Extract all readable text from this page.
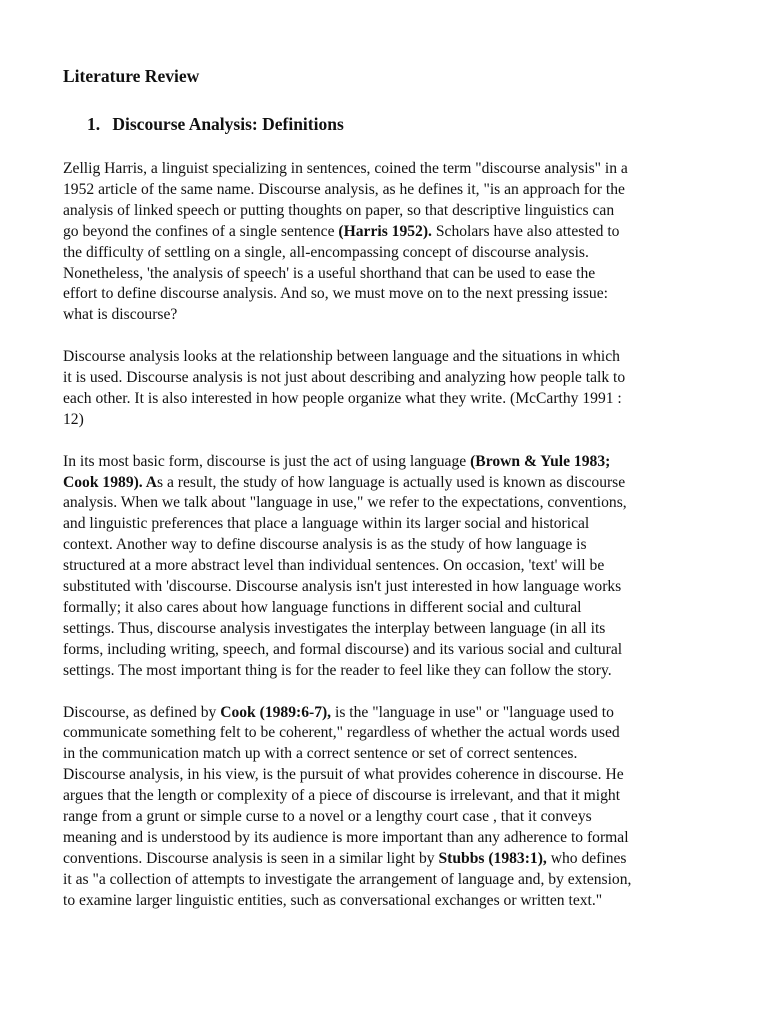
Literature Review
1. Discourse Analysis: Definitions

Zellig Harris, a linguist specializing in sentences, coined the term "discourse analysis" in a
1952 article of the same name. Discourse analysis, as he defines it, "is an approach for the
analysis of linked speech or putting thoughts on paper, so that descriptive linguistics can
go beyond the confines of a single sentence (Harris 1952). Scholars have also attested to
the difficulty of settling on a single, all-encompassing concept of discourse analysis.
Nonetheless, 'the analysis of speech' is a useful shorthand that can be used to ease the
effort to define discourse analysis. And so, we must move on to the next pressing issue:
what is discourse?

Discourse analysis looks at the relationship between language and the situations in which
it is used. Discourse analysis is not just about describing and analyzing how people talk to
each other. It is also interested in how people organize what they write. (McCarthy 1991 :
12)

In its most basic form, discourse is just the act of using language (Brown & Yule 1983;
Cook 1989). As a result, the study of how language is actually used is known as discourse
analysis. When we talk about "language in use," we refer to the expectations, conventions,
and linguistic preferences that place a language within its larger social and historical
context. Another way to define discourse analysis is as the study of how language is
structured at a more abstract level than individual sentences. On occasion, 'text' will be
substituted with 'discourse. Discourse analysis isn't just interested in how language works
formally; it also cares about how language functions in different social and cultural
settings. Thus, discourse analysis investigates the interplay between language (in all its
forms, including writing, speech, and formal discourse) and its various social and cultural
settings. The most important thing is for the reader to feel like they can follow the story.

Discourse, as defined by Cook (1989:6-7), is the "language in use" or "language used to
communicate something felt to be coherent," regardless of whether the actual words used
in the communication match up with a correct sentence or set of correct sentences.
Discourse analysis, in his view, is the pursuit of what provides coherence in discourse. He
argues that the length or complexity of a piece of discourse is irrelevant, and that it might
range from a grunt or simple curse to a novel or a lengthy court case , that it conveys
meaning and is understood by its audience is more important than any adherence to formal
conventions. Discourse analysis is seen in a similar light by Stubbs (1983:1), who defines
it as "a collection of attempts to investigate the arrangement of language and, by extension,
to examine larger linguistic entities, such as conversational exchanges or written text."
